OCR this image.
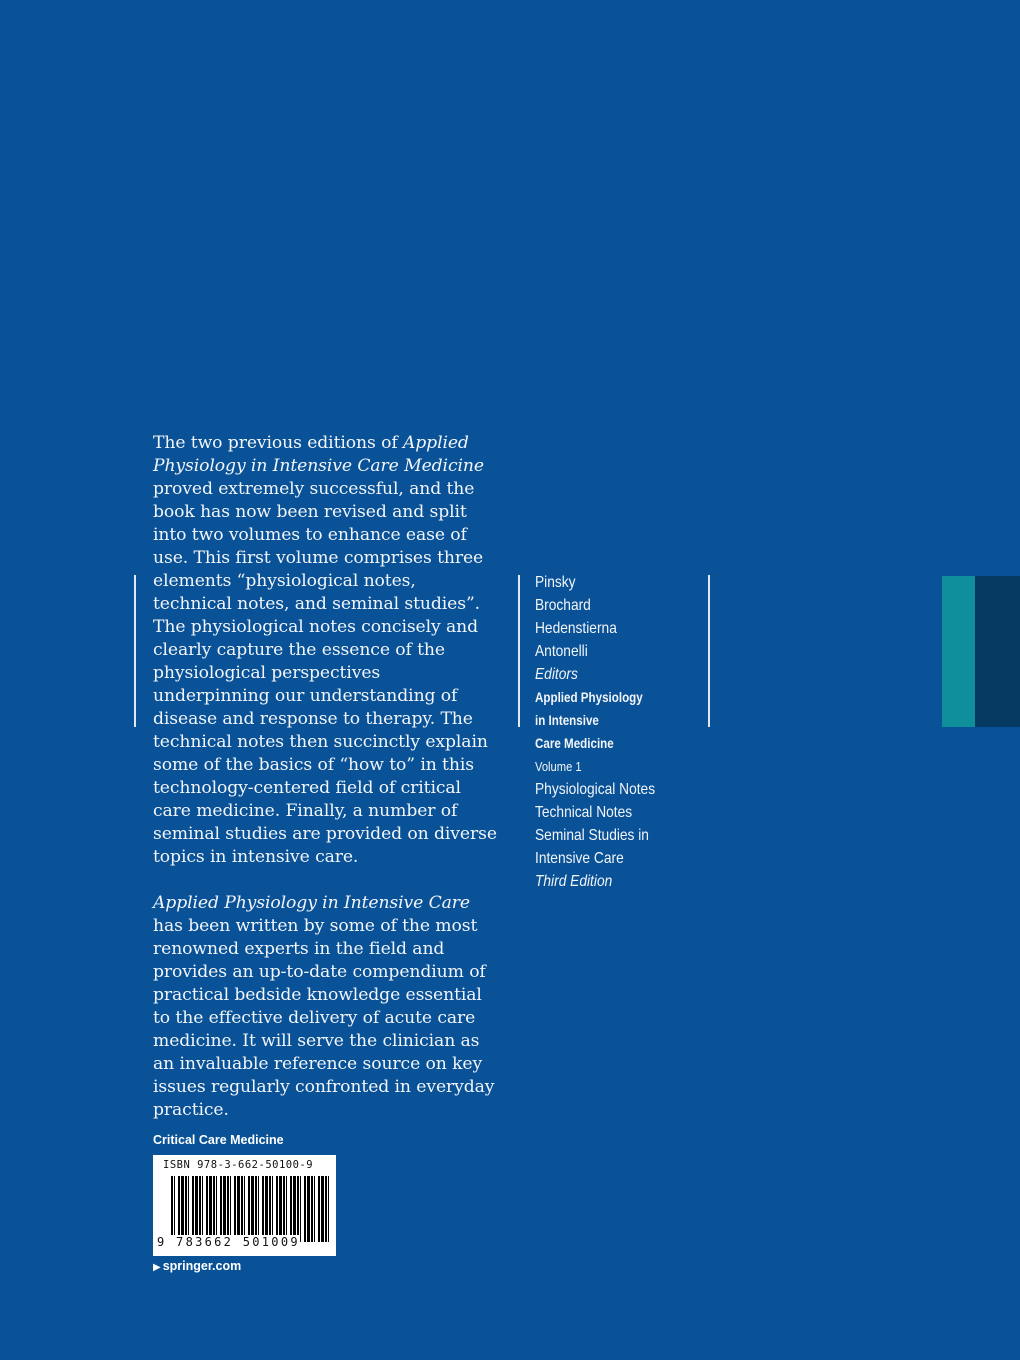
The two previous editions of Applied Physiology in Intensive Care Medicine proved extremely successful, and the book has now been revised and split into two volumes to enhance ease of use. This first volume comprises three elements “physiological notes, technical notes, and seminal studies”. The physiological notes concisely and clearly capture the essence of the physiological perspectives underpinning our understanding of disease and response to therapy. The technical notes then succinctly explain some of the basics of “how to” in this technology-centered field of critical care medicine. Finally, a number of seminal studies are provided on diverse topics in intensive care.

Applied Physiology in Intensive Care has been written by some of the most renowned experts in the field and provides an up-to-date compendium of practical bedside knowledge essential to the effective delivery of acute care medicine. It will serve the clinician as an invaluable reference source on key issues regularly confronted in everyday practice.

Pinsky
Brochard
Hedenstierna
Antonelli
Editors
Applied Physiology
in Intensive
Care Medicine
Volume 1
Physiological Notes
Technical Notes
Seminal Studies in
Intensive Care
Third Edition
Critical Care Medicine
ISBN 978-3-662-50100-9
9 783662 501009
▶ springer.com
